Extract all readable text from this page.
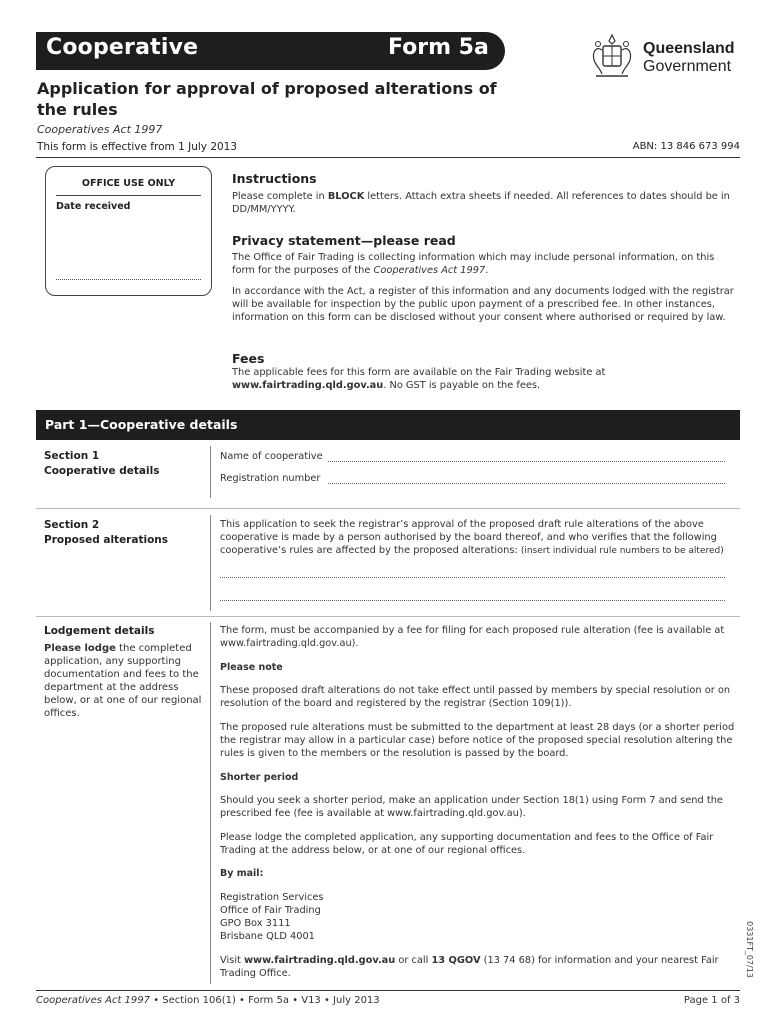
Cooperative	Form 5a	Queensland
Government
Application for approval of proposed alterations of the rules
Cooperatives Act 1997
This form is effective from 1 July 2013	ABN: 13 846 673 994
OFFICE USE ONLY
Date received
Instructions
Please complete in BLOCK letters. Attach extra sheets if needed. All references to dates should be in DD/MM/YYYY.
Privacy statement—please read
The Office of Fair Trading is collecting information which may include personal information, on this form for the purposes of the Cooperatives Act 1997.
In accordance with the Act, a register of this information and any documents lodged with the registrar will be available for inspection by the public upon payment of a prescribed fee. In other instances, information on this form can be disclosed without your consent where authorised or required by law.
Fees
The applicable fees for this form are available on the Fair Trading website at www.fairtrading.qld.gov.au. No GST is payable on the fees.
Part 1—Cooperative details
Section 1
Cooperative details
Name of cooperative
Registration number
Section 2
Proposed alterations
This application to seek the registrar’s approval of the proposed draft rule alterations of the above cooperative is made by a person authorised by the board thereof, and who verifies that the following cooperative’s rules are affected by the proposed alterations: (insert individual rule numbers to be altered)
Lodgement details
Please lodge the completed application, any supporting documentation and fees to the department at the address below, or at one of our regional offices.
The form, must be accompanied by a fee for filing for each proposed rule alteration (fee is available at www.fairtrading.qld.gov.au).
Please note
These proposed draft alterations do not take effect until passed by members by special resolution or on resolution of the board and registered by the registrar (Section 109(1)).
The proposed rule alterations must be submitted to the department at least 28 days (or a shorter period the registrar may allow in a particular case) before notice of the proposed special resolution altering the rules is given to the members or the resolution is passed by the board.
Shorter period
Should you seek a shorter period, make an application under Section 18(1) using Form 7 and send the prescribed fee (fee is available at www.fairtrading.qld.gov.au).
Please lodge the completed application, any supporting documentation and fees to the Office of Fair Trading at the address below, or at one of our regional offices.
By mail:
Registration Services
Office of Fair Trading
GPO Box 3111
Brisbane QLD 4001
Visit www.fairtrading.qld.gov.au or call 13 QGOV (13 74 68) for information and your nearest Fair Trading Office.
Cooperatives Act 1997 • Section 106(1) • Form 5a • V13 • July 2013	Page 1 of 3
0331FT_07/13
